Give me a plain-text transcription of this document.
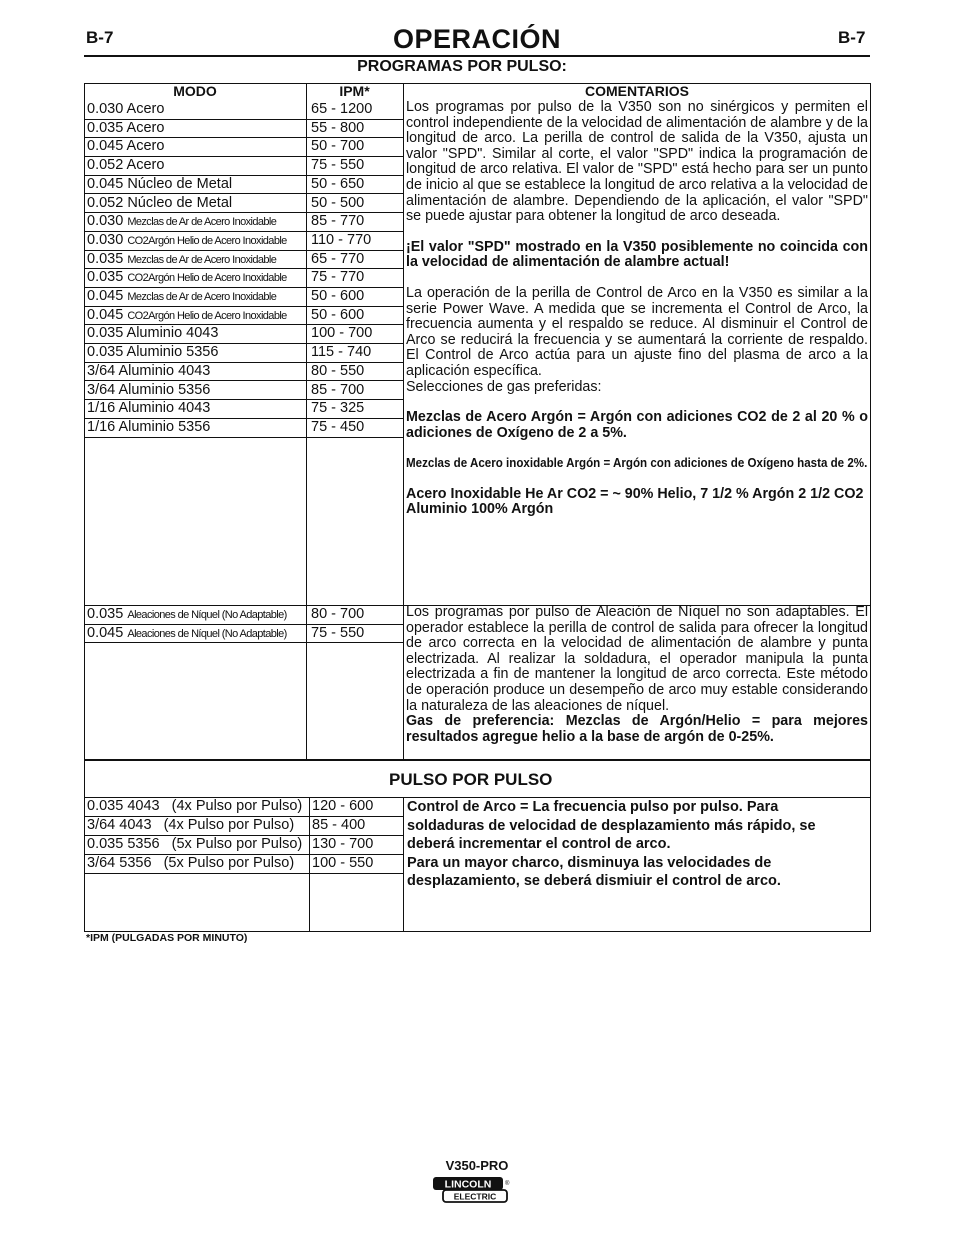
B-7	OPERACIÓN	B-7
PROGRAMAS POR PULSO:
MODO	IPM*	COMENTARIOS
0.030 Acero	65 - 1200
0.035 Acero	55 - 800
0.045 Acero	50 - 700
0.052 Acero	75 - 550
0.045 Núcleo de Metal	50 - 650
0.052 Núcleo de Metal	50 - 500
0.030 Mezclas de Ar de Acero Inoxidable 85 - 770
0.030 CO2Argón Helio de Acero Inoxidable 110 - 770
0.035 Mezclas de Ar de Acero Inoxidable 65 - 770
0.035 CO2Argón Helio de Acero Inoxidable 75 - 770
0.045 Mezclas de Ar de Acero Inoxidable 50 - 600
0.045 CO2Argón Helio de Acero Inoxidable 50 - 600
0.035 Aluminio 4043	100 - 700
0.035 Aluminio 5356	115 - 740
3/64 Aluminio 4043	80 - 550
3/64 Aluminio 5356	85 - 700
1/16 Aluminio 4043	75 - 325
1/16 Aluminio 5356	75 - 450
0.035 Aleaciones de Níquel (No Adaptable) 80 - 700
0.045 Aleaciones de Níquel (No Adaptable) 75 - 550

Los programas por pulso de la V350 son no sinérgicos y permiten el control independiente de la velocidad de alimentación de alambre y de la longitud de arco. La perilla de control de salida de la V350, ajusta un valor "SPD". Similar al corte, el valor "SPD" indica la programación de longitud de arco relativa. El valor de "SPD" está hecho para ser un punto de inicio al que se establece la longitud de arco relativa a la velocidad de alimentación de alambre. Dependiendo de la aplicación, el valor "SPD" se puede ajustar para obtener la longitud de arco deseada.

¡El valor "SPD" mostrado en la V350 posiblemente no coincida con la velocidad de alimentación de alambre actual!

La operación de la perilla de Control de Arco en la V350 es similar a la serie Power Wave. A medida que se incrementa el Control de Arco, la frecuencia aumenta y el respaldo se reduce. Al disminuir el Control de Arco se reducirá la frecuencia y se aumentará la corriente de respaldo. El Control de Arco actúa para un ajuste fino del plasma de arco a la aplicación específica.

Selecciones de gas preferidas:

Mezclas de Acero Argón = Argón con adiciones CO2 de 2 al 20 % o adiciones de Oxígeno de 2 a 5%.

Mezclas de Acero inoxidable Argón = Argón con adiciones de Oxígeno hasta de 2%.

Acero Inoxidable He Ar CO2 = ~ 90% Helio, 7 1/2 % Argón 2 1/2 CO2

Aluminio 100% Argón

Los programas por pulso de Aleación de Níquel no son adaptables. El operador establece la perilla de control de salida para ofrecer la longitud de arco correcta en la velocidad de alimentación de alambre y punta electrizada. Al realizar la soldadura, el operador manipula la punta electrizada a fin de mantener la longitud de arco correcta. Este método de operación produce un desempeño de arco muy estable considerando la naturaleza de las aleaciones de níquel.

Gas de preferencia: Mezclas de Argón/Helio = para mejores resultados agregue helio a la base de argón de 0-25%.

PULSO POR PULSO
0.035 4043   (4x Pulso por Pulso) 120 - 600
3/64 4043   (4x Pulso por Pulso) 85 - 400
0.035 5356   (5x Pulso por Pulso) 130 - 700
3/64 5356   (5x Pulso por Pulso) 100 - 550

Control de Arco = La frecuencia pulso por pulso. Para soldaduras de velocidad de desplazamiento más rápido, se deberá incrementar el control de arco.

Para un mayor charco, disminuya las velocidades de desplazamiento, se deberá dismiuir el control de arco.

*IPM (PULGADAS POR MINUTO)
V350-PRO
LINCOLN
ELECTRIC
®
